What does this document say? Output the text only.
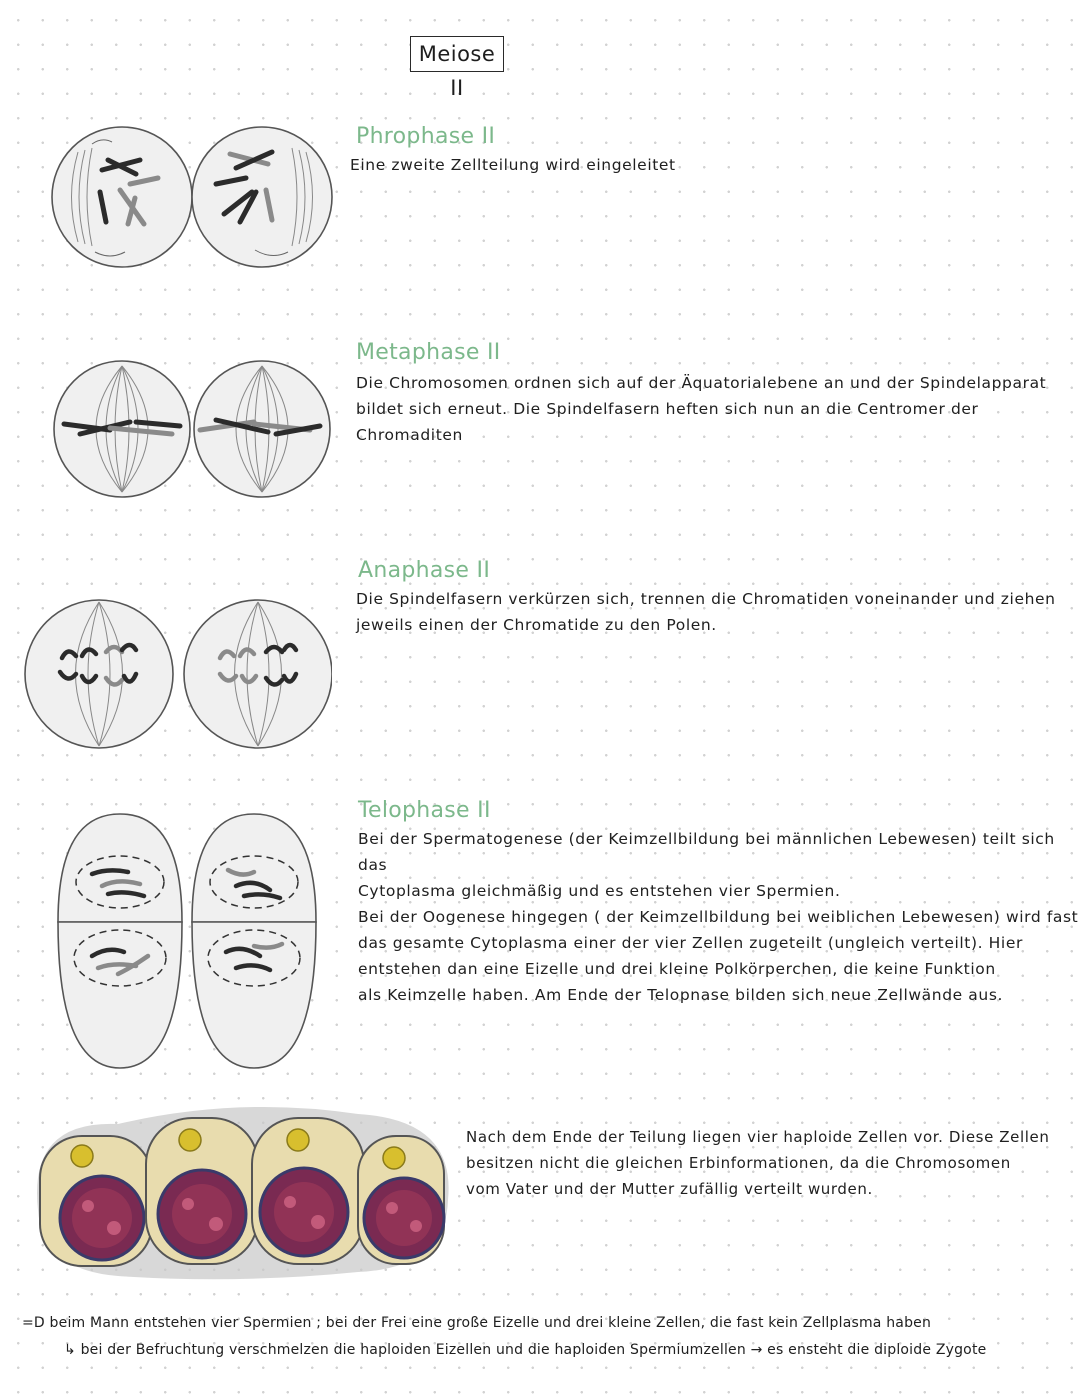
Meiose II
Phrophase II

Eine zweite Zellteilung wird eingeleitet

Metaphase II

Die Chromosomen ordnen sich auf der Äquatorialebene an und der Spindelapparat

bildet sich erneut. Die Spindelfasern heften sich nun an die Centromer der

Chromaditen

Anaphase II

Die Spindelfasern verkürzen sich, trennen die Chromatiden voneinander und ziehen

jeweils einen der Chromatide zu den Polen.

Telophase II

Bei der Spermatogenese (der Keimzellbildung bei männlichen Lebewesen) teilt sich das

Cytoplasma gleichmäßig und es entstehen vier Spermien.

Bei der Oogenese hingegen ( der Keimzellbildung bei weiblichen Lebewesen) wird fast

das gesamte Cytoplasma einer der vier Zellen zugeteilt (ungleich verteilt). Hier

entstehen dan eine Eizelle und drei kleine Polkörperchen, die keine Funktion

als Keimzelle haben. Am Ende der Telopnase bilden sich neue Zellwände aus.

Nach dem Ende der Teilung liegen vier haploide Zellen vor. Diese Zellen

besitzen nicht die gleichen Erbinformationen, da die Chromosomen

vom Vater und der Mutter zufällig verteilt wurden.

=D beim Mann entstehen vier Spermien ; bei der Frei eine große Eizelle und drei kleine Zellen, die fast kein Zellplasma haben

↳ bei der Befruchtung verschmelzen die haploiden Eizellen und die haploiden Spermiumzellen → es ensteht die diploide Zygote
